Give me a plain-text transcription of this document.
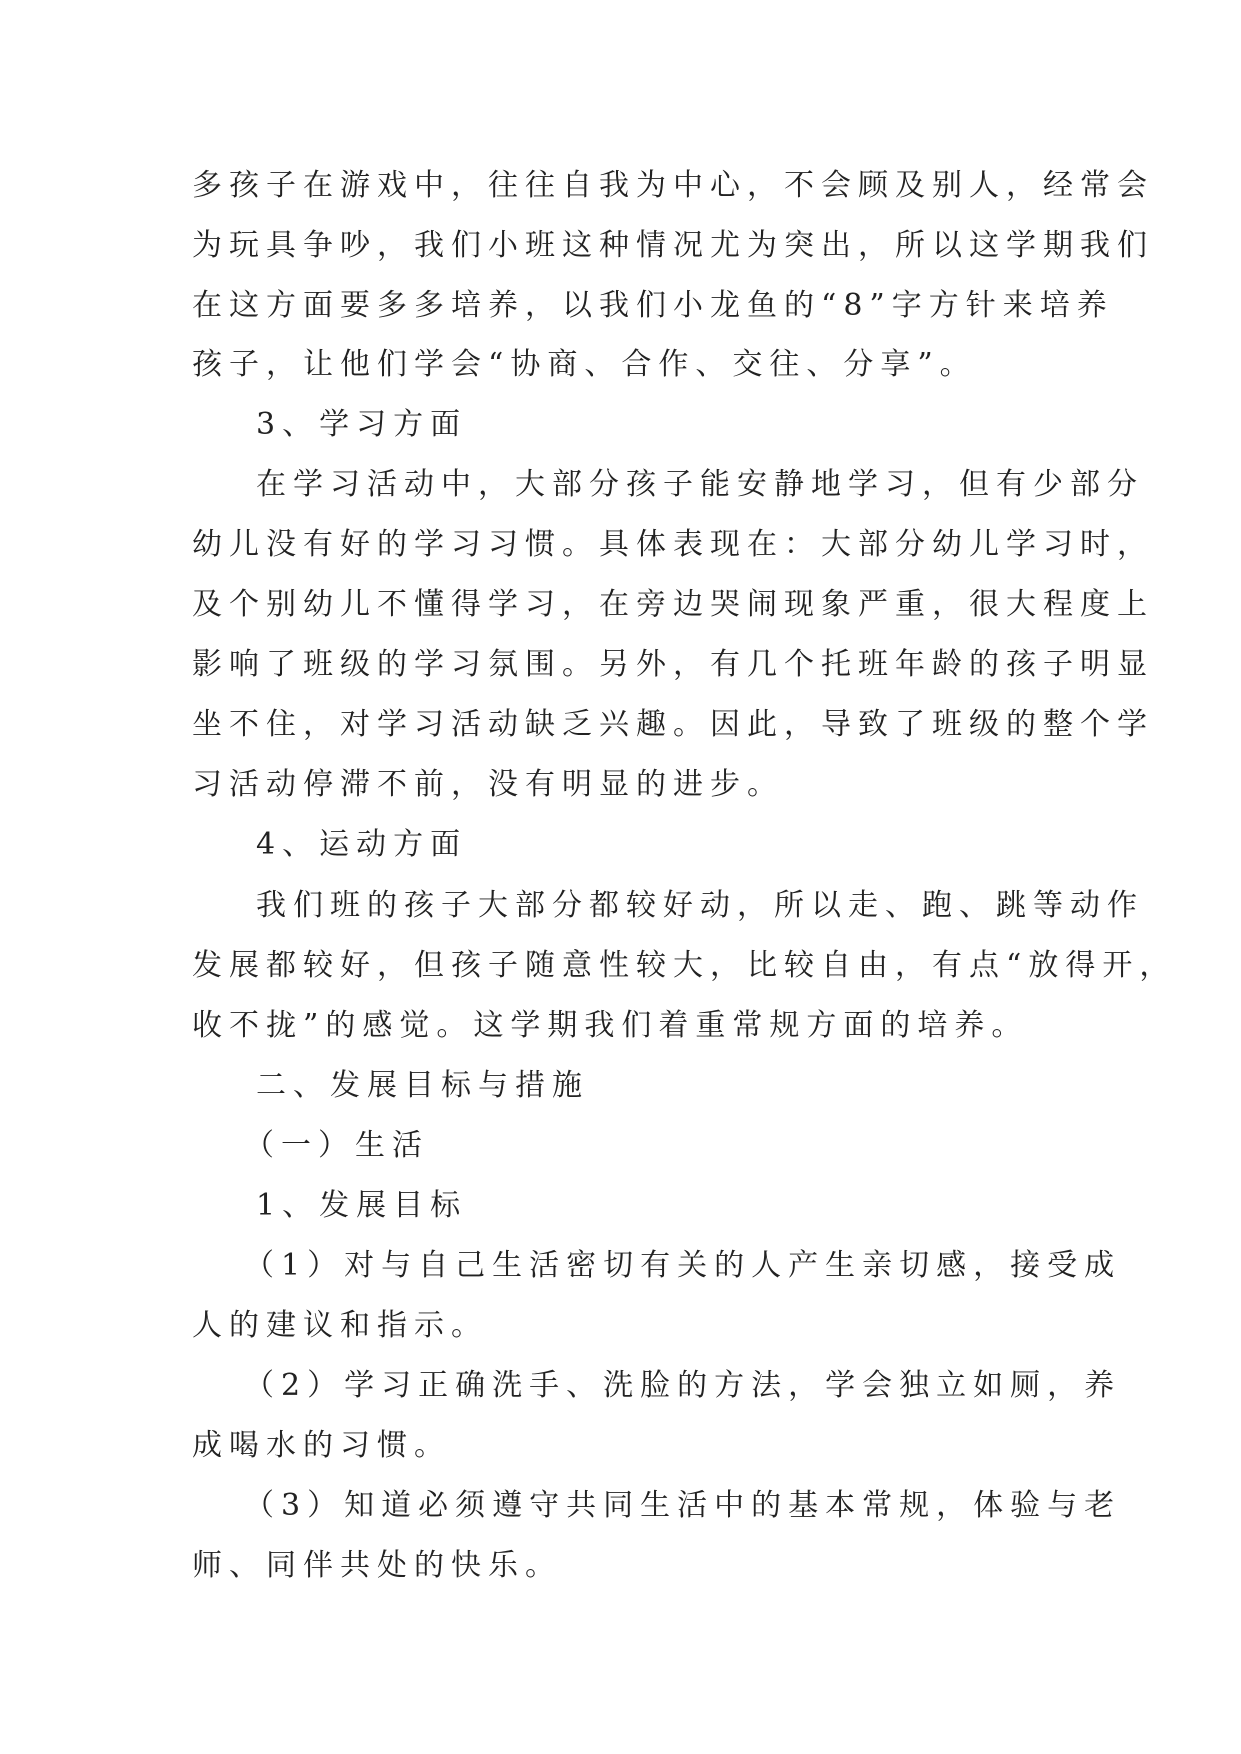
多孩子在游戏中，往往自我为中心，不会顾及别人，经常会
为玩具争吵，我们小班这种情况尤为突出，所以这学期我们
在这方面要多多培养，以我们小龙鱼的“8”字方针来培养
孩子，让他们学会“协商、合作、交往、分享”。
3、学习方面
在学习活动中，大部分孩子能安静地学习，但有少部分
幼儿没有好的学习习惯。具体表现在：大部分幼儿学习时，
及个别幼儿不懂得学习，在旁边哭闹现象严重，很大程度上
影响了班级的学习氛围。另外，有几个托班年龄的孩子明显
坐不住，对学习活动缺乏兴趣。因此，导致了班级的整个学
习活动停滞不前，没有明显的进步。
4、运动方面
我们班的孩子大部分都较好动，所以走、跑、跳等动作
发展都较好，但孩子随意性较大，比较自由，有点“放得开，
收不拢”的感觉。这学期我们着重常规方面的培养。
二、发展目标与措施
（一）生活
1、发展目标
（1）对与自己生活密切有关的人产生亲切感，接受成
人的建议和指示。
（2）学习正确洗手、洗脸的方法，学会独立如厕，养
成喝水的习惯。
（3）知道必须遵守共同生活中的基本常规，体验与老
师、同伴共处的快乐。
